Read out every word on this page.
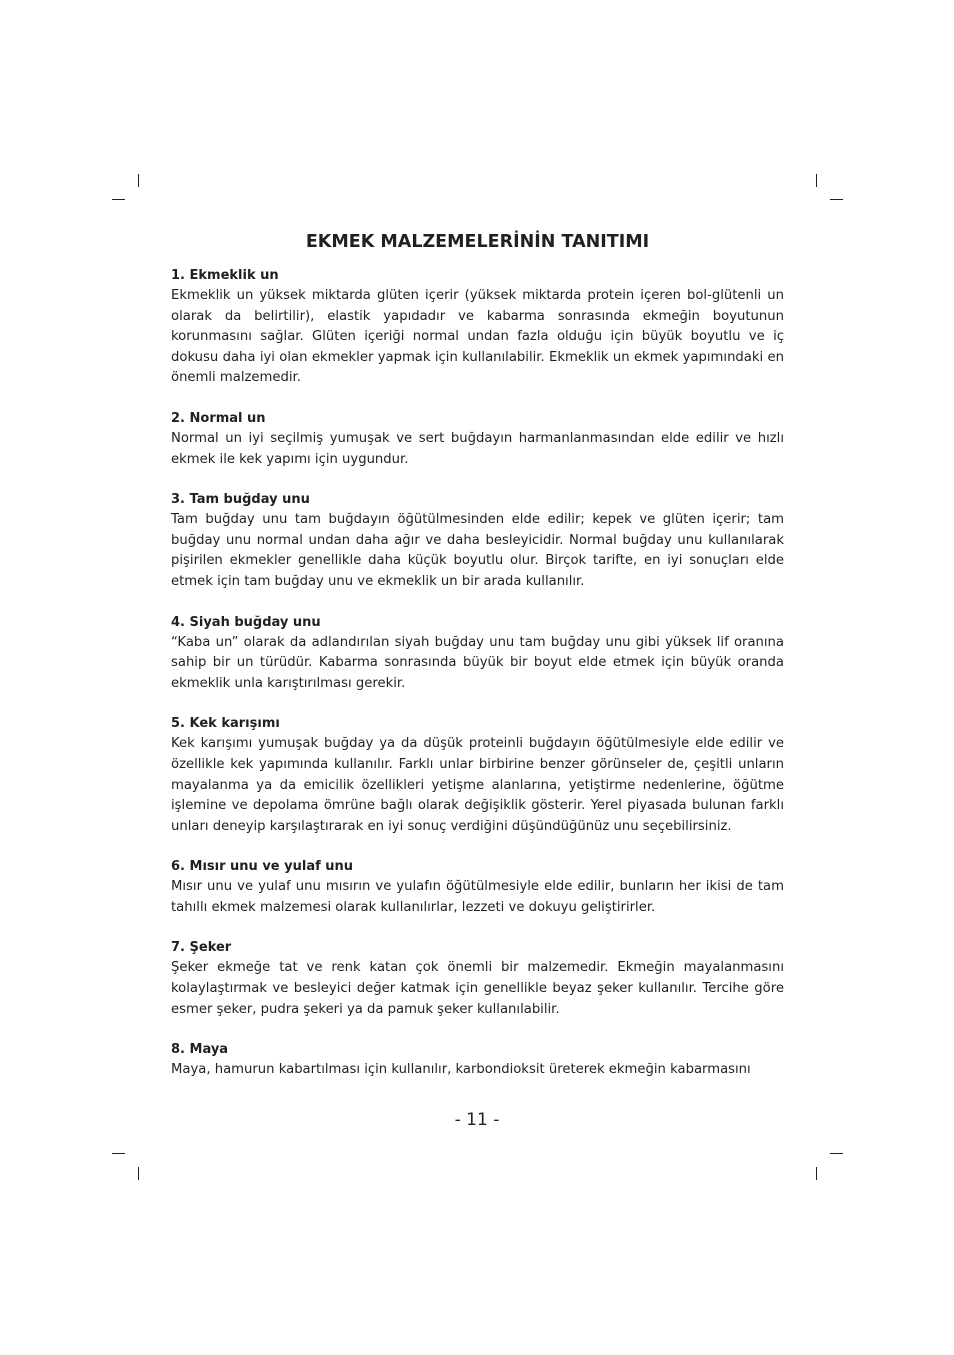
EKMEK MALZEMELERİNİN TANITIMI

1. Ekmeklik un

Ekmeklik un yüksek miktarda glüten içerir (yüksek miktarda protein içeren bol-glütenli un olarak da belirtilir), elastik yapıdadır ve kabarma sonrasında ekmeğin boyutunun korunmasını sağlar. Glüten içeriği normal undan fazla olduğu için büyük boyutlu ve iç dokusu daha iyi olan ekmekler yapmak için kullanılabilir. Ekmeklik un ekmek yapımındaki en önemli malzemedir.

2. Normal un

Normal un iyi seçilmiş yumuşak ve sert buğdayın harmanlanmasından elde edilir ve hızlı ekmek ile kek yapımı için uygundur.

3. Tam buğday unu

Tam buğday unu tam buğdayın öğütülmesinden elde edilir; kepek ve glüten içerir; tam buğday unu normal undan daha ağır ve daha besleyicidir. Normal buğday unu kullanılarak pişirilen ekmekler genellikle daha küçük boyutlu olur. Birçok tarifte, en iyi sonuçları elde etmek için tam buğday unu ve ekmeklik un bir arada kullanılır.

4. Siyah buğday unu

“Kaba un” olarak da adlandırılan siyah buğday unu tam buğday unu gibi yüksek lif oranına sahip bir un türüdür. Kabarma sonrasında büyük bir boyut elde etmek için büyük oranda ekmeklik unla karıştırılması gerekir.

5. Kek karışımı

Kek karışımı yumuşak buğday ya da düşük proteinli buğdayın öğütülmesiyle elde edilir ve özellikle kek yapımında kullanılır. Farklı unlar birbirine benzer görünseler de, çeşitli unların mayalanma ya da emicilik özellikleri yetişme alanlarına, yetiştirme nedenlerine, öğütme işlemine ve depolama ömrüne bağlı olarak değişiklik gösterir. Yerel piyasada bulunan farklı unları deneyip karşılaştırarak en iyi sonuç verdiğini düşündüğünüz unu seçebilirsiniz.

6. Mısır unu ve yulaf unu

Mısır unu ve yulaf unu mısırın ve yulafın öğütülmesiyle elde edilir, bunların her ikisi de tam tahıllı ekmek malzemesi olarak kullanılırlar, lezzeti ve dokuyu geliştirirler.

7. Şeker

Şeker ekmeğe tat ve renk katan çok önemli bir malzemedir. Ekmeğin mayalanmasını kolaylaştırmak ve besleyici değer katmak için genellikle beyaz şeker kullanılır. Tercihe göre esmer şeker, pudra şekeri ya da pamuk şeker kullanılabilir.

8. Maya

Maya, hamurun kabartılması için kullanılır, karbondioksit üreterek ekmeğin kabarmasını

- 11 -
